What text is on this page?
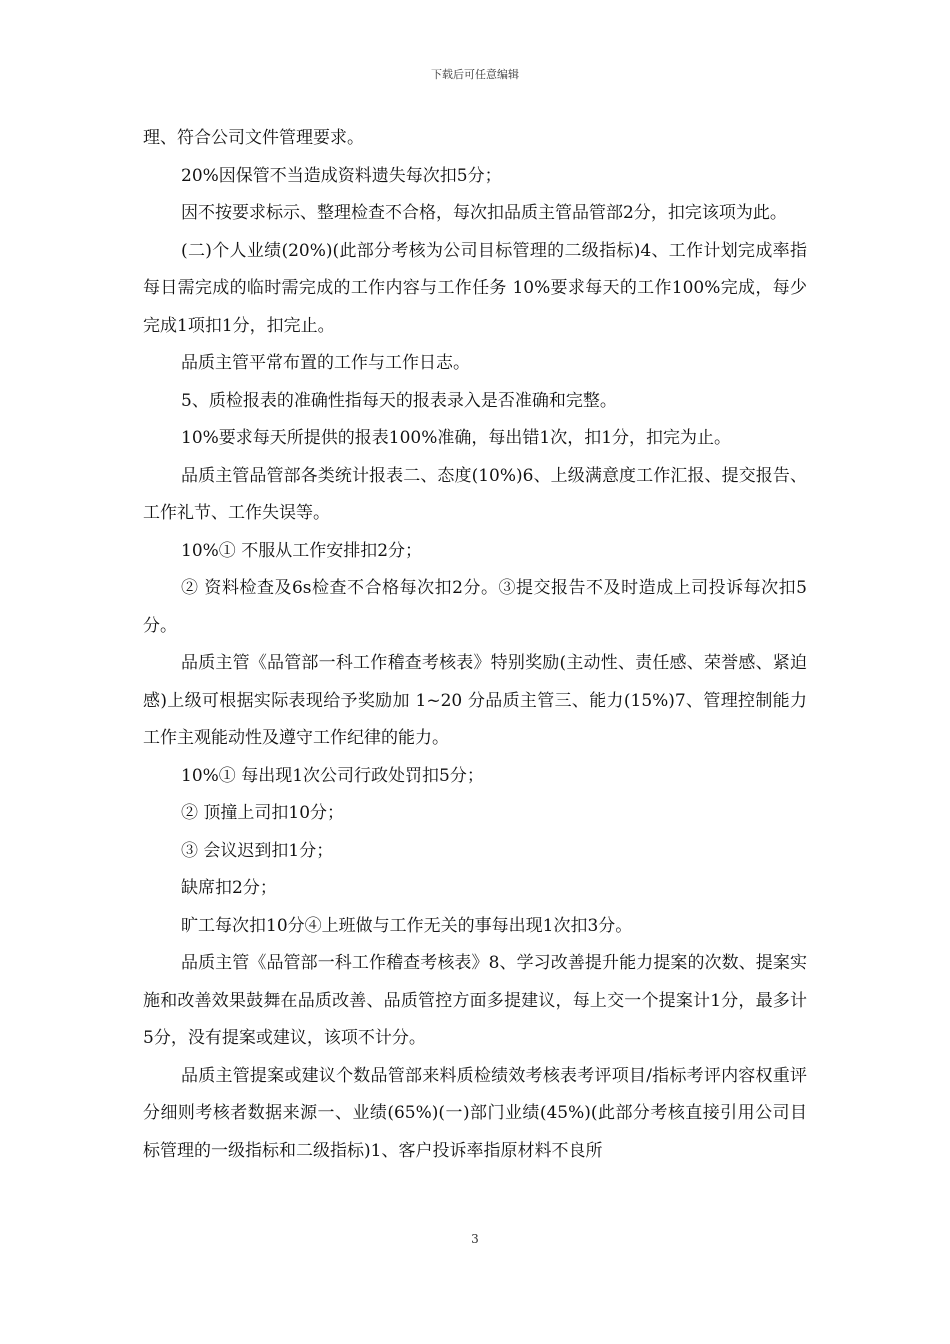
下载后可任意编辑

理、符合公司文件管理要求。

20%因保管不当造成资料遗失每次扣5分；

因不按要求标示、整理检查不合格，每次扣品质主管品管部2分，扣完该项为此。

(二)个人业绩(20%)(此部分考核为公司目标管理的二级指标)4、工作计划完成率指每日需完成的临时需完成的工作内容与工作任务 10%要求每天的工作100%完成，每少完成1项扣1分，扣完止。

品质主管平常布置的工作与工作日志。

5、质检报表的准确性指每天的报表录入是否准确和完整。

10%要求每天所提供的报表100%准确，每出错1次，扣1分，扣完为止。

品质主管品管部各类统计报表二、态度(10%)6、上级满意度工作汇报、提交报告、工作礼节、工作失误等。

10%① 不服从工作安排扣2分；

② 资料检查及6s检查不合格每次扣2分。③提交报告不及时造成上司投诉每次扣5分。

品质主管《品管部一科工作稽查考核表》特别奖励(主动性、责任感、荣誉感、紧迫感)上级可根据实际表现给予奖励加 1~20 分品质主管三、能力(15%)7、管理控制能力工作主观能动性及遵守工作纪律的能力。

10%① 每出现1次公司行政处罚扣5分；

② 顶撞上司扣10分；

③ 会议迟到扣1分；

缺席扣2分；

旷工每次扣10分④上班做与工作无关的事每出现1次扣3分。

品质主管《品管部一科工作稽查考核表》8、学习改善提升能力提案的次数、提案实施和改善效果鼓舞在品质改善、品质管控方面多提建议，每上交一个提案计1分，最多计5分，没有提案或建议，该项不计分。

品质主管提案或建议个数品管部来料质检绩效考核表考评项目/指标考评内容权重评分细则考核者数据来源一、业绩(65%)(一)部门业绩(45%)(此部分考核直接引用公司目标管理的一级指标和二级指标)1、客户投诉率指原材料不良所

3
